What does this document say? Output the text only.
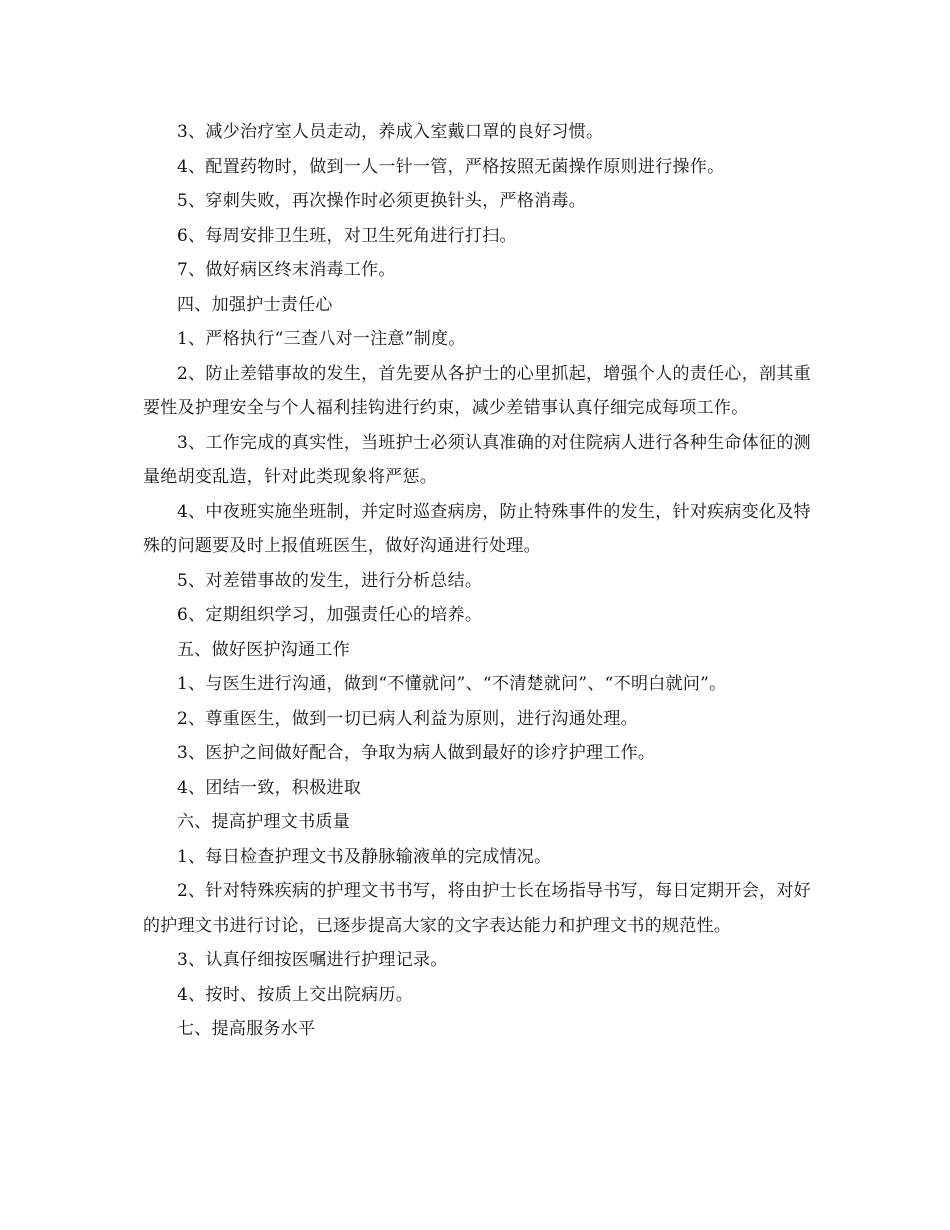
3、减少治疗室人员走动，养成入室戴口罩的良好习惯。

4、配置药物时，做到一人一针一管，严格按照无菌操作原则进行操作。

5、穿刺失败，再次操作时必须更换针头，严格消毒。

6、每周安排卫生班，对卫生死角进行打扫。

7、做好病区终末消毒工作。

四、加强护士责任心

1、严格执行“三查八对一注意”制度。

2、防止差错事故的发生，首先要从各护士的心里抓起，增强个人的责任心，剖其重要性及护理安全与个人福利挂钩进行约束，减少差错事认真仔细完成每项工作。

3、工作完成的真实性，当班护士必须认真准确的对住院病人进行各种生命体征的测量绝胡变乱造，针对此类现象将严惩。

4、中夜班实施坐班制，并定时巡查病房，防止特殊事件的发生，针对疾病变化及特殊的问题要及时上报值班医生，做好沟通进行处理。

5、对差错事故的发生，进行分析总结。

6、定期组织学习，加强责任心的培养。

五、做好医护沟通工作

1、与医生进行沟通，做到“不懂就问”、“不清楚就问”、“不明白就问”。

2、尊重医生，做到一切已病人利益为原则，进行沟通处理。

3、医护之间做好配合，争取为病人做到最好的诊疗护理工作。

4、团结一致，积极进取

六、提高护理文书质量

1、每日检查护理文书及静脉输液单的完成情况。

2、针对特殊疾病的护理文书书写，将由护士长在场指导书写，每日定期开会，对好的护理文书进行讨论，已逐步提高大家的文字表达能力和护理文书的规范性。

3、认真仔细按医嘱进行护理记录。

4、按时、按质上交出院病历。

七、提高服务水平
